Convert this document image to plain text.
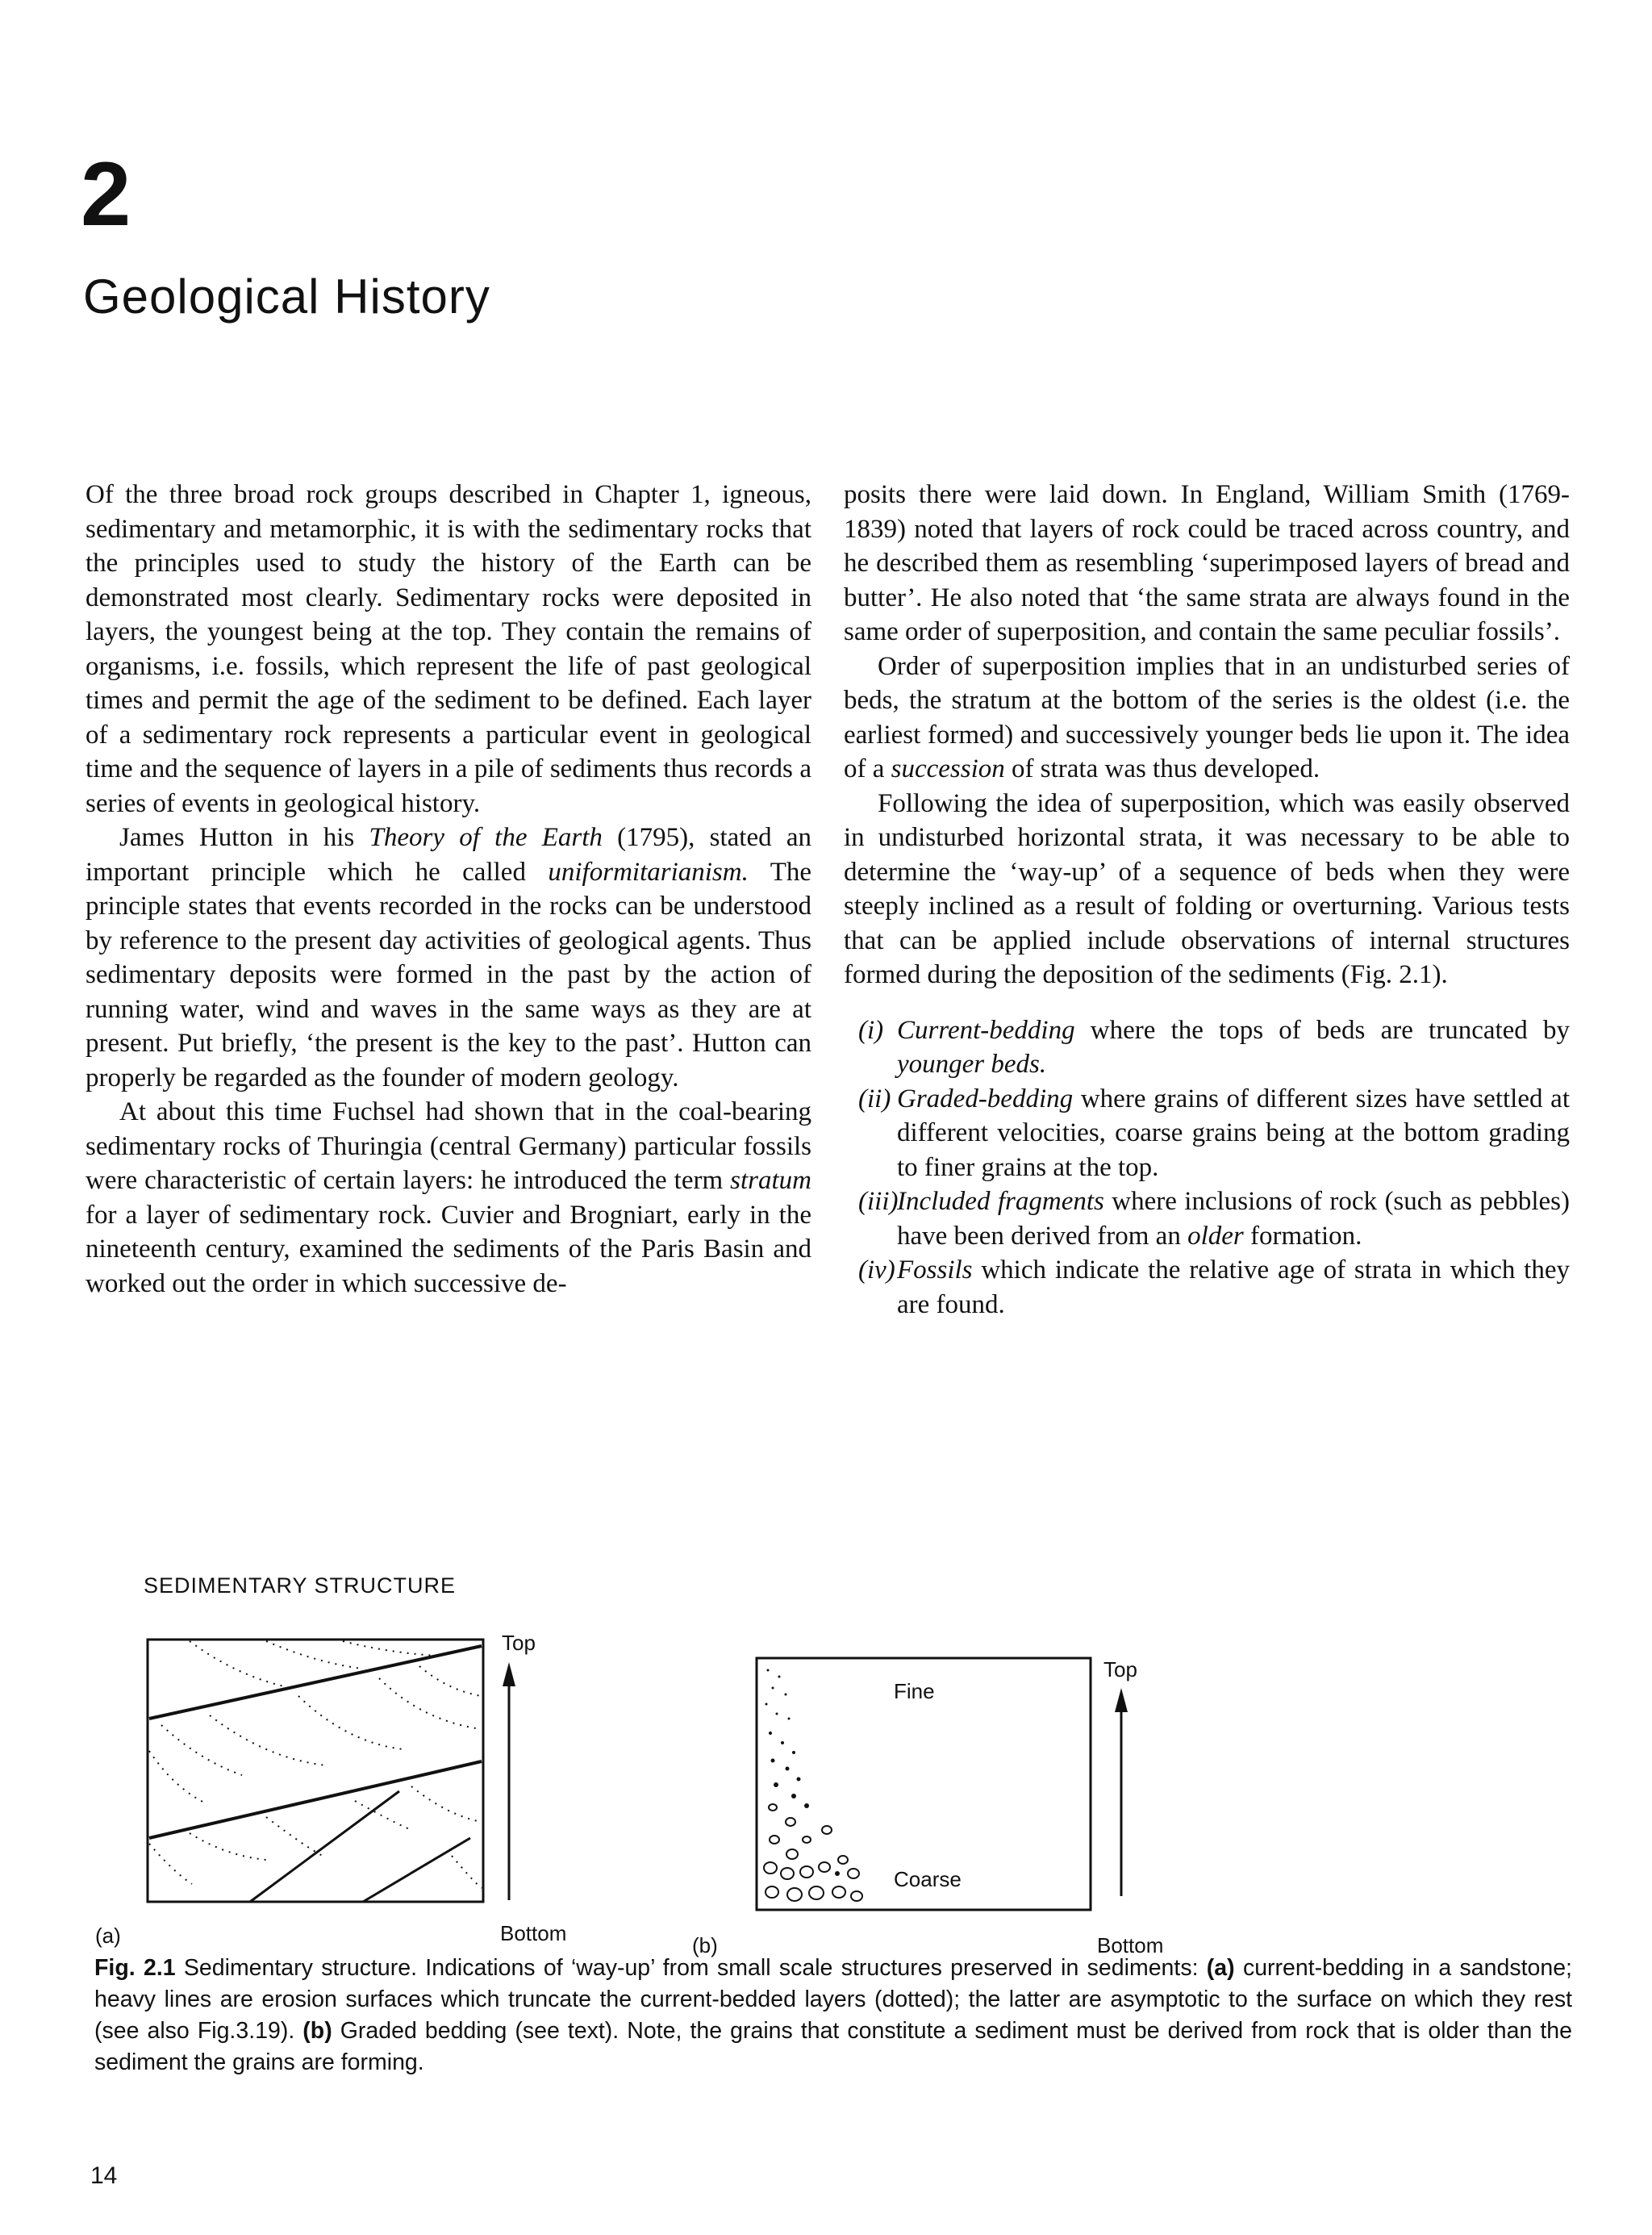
2
Geological History

Of the three broad rock groups described in Chapter 1, igneous, sedimentary and metamorphic, it is with the sedimentary rocks that the principles used to study the history of the Earth can be demonstrated most clearly. Sedimentary rocks were deposited in layers, the youngest being at the top. They contain the remains of organisms, i.e. fossils, which represent the life of past geological times and permit the age of the sediment to be defined. Each layer of a sedimentary rock represents a particular event in geological time and the sequence of layers in a pile of sediments thus records a series of events in geological history.

James Hutton in his Theory of the Earth (1795), stated an important principle which he called uniformitarianism. The principle states that events recorded in the rocks can be understood by reference to the present day activities of geological agents. Thus sedimentary deposits were formed in the past by the action of running water, wind and waves in the same ways as they are at present. Put briefly, ‘the present is the key to the past’. Hutton can properly be regarded as the founder of modern geology.

At about this time Fuchsel had shown that in the coal-bearing sedimentary rocks of Thuringia (central Germany) particular fossils were characteristic of certain layers: he introduced the term stratum for a layer of sedimentary rock. Cuvier and Brogniart, early in the nineteenth century, examined the sediments of the Paris Basin and worked out the order in which successive de-

posits there were laid down. In England, William Smith (1769-1839) noted that layers of rock could be traced across country, and he described them as resembling ‘superimposed layers of bread and butter’. He also noted that ‘the same strata are always found in the same order of superposition, and contain the same peculiar fossils’.

Order of superposition implies that in an undisturbed series of beds, the stratum at the bottom of the series is the oldest (i.e. the earliest formed) and successively younger beds lie upon it. The idea of a succession of strata was thus developed.

Following the idea of superposition, which was easily observed in undisturbed horizontal strata, it was necessary to be able to determine the ‘way-up’ of a sequence of beds when they were steeply inclined as a result of folding or overturning. Various tests that can be applied include observations of internal structures formed during the deposition of the sediments (Fig. 2.1).

(i) Current-bedding where the tops of beds are truncated by younger beds.
(ii) Graded-bedding where grains of different sizes have settled at different velocities, coarse grains being at the bottom grading to finer grains at the top.
(iii)
Included fragments where inclusions of rock (such as pebbles) have been derived from an older formation.
(iv) Fossils which indicate the relative age of strata in which they are found.
SEDIMENTARY STRUCTURE
Top
Bottom
(a)
Fine
Coarse
Top
Bottom
(b)
Fig. 2.1 Sedimentary structure. Indications of ‘way-up’ from small scale structures preserved in sediments: (a) current-bedding in a sandstone; heavy lines are erosion surfaces which truncate the current-bedded layers (dotted); the latter are asymptotic to the surface on which they rest (see also Fig.3.19). (b) Graded bedding (see text). Note, the grains that constitute a sediment must be derived from rock that is older than the sediment the grains are forming.
14
